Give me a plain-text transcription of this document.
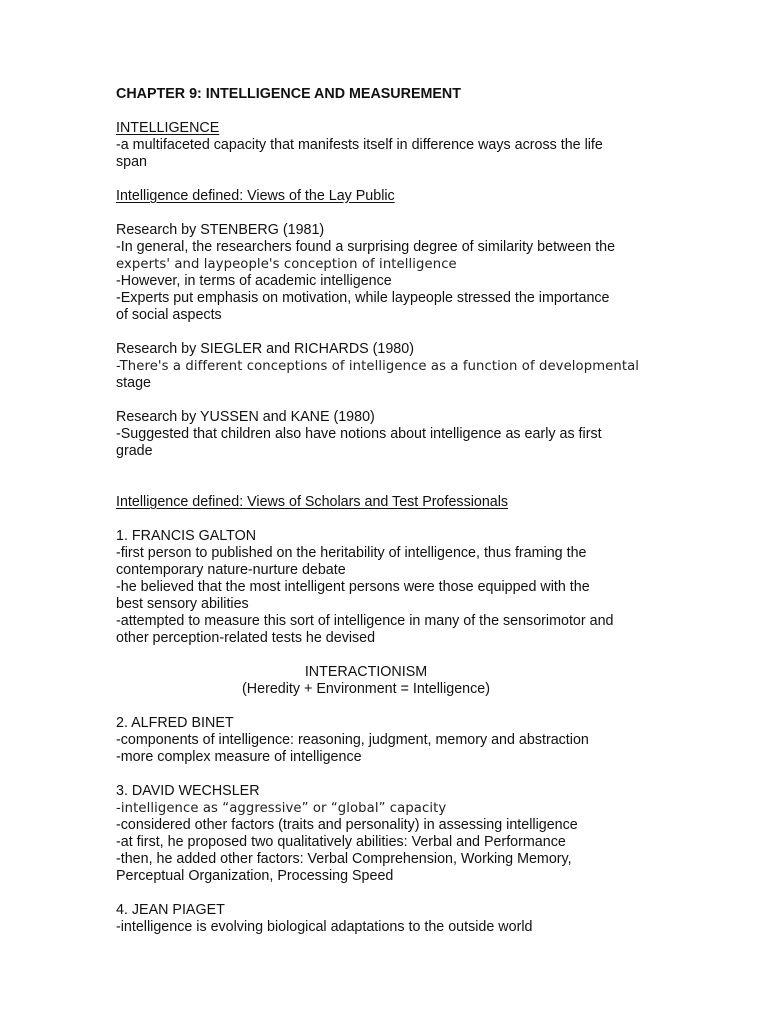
CHAPTER 9: INTELLIGENCE AND MEASUREMENT
INTELLIGENCE
-a multifaceted capacity that manifests itself in difference ways across the life
span
Intelligence defined: Views of the Lay Public
Research by STENBERG (1981)
-In general, the researchers found a surprising degree of similarity between the
experts' and laypeople's conception of intelligence
-However, in terms of academic intelligence
-Experts put emphasis on motivation, while laypeople stressed the importance
of social aspects
Research by SIEGLER and RICHARDS (1980)
-There's a different conceptions of intelligence as a function of developmental
stage
Research by YUSSEN and KANE (1980)
-Suggested that children also have notions about intelligence as early as first
grade
Intelligence defined: Views of Scholars and Test Professionals
1. FRANCIS GALTON
-first person to published on the heritability of intelligence, thus framing the
contemporary nature-nurture debate
-he believed that the most intelligent persons were those equipped with the
best sensory abilities
-attempted to measure this sort of intelligence in many of the sensorimotor and
other perception-related tests he devised
INTERACTIONISM
(Heredity + Environment = Intelligence)
2. ALFRED BINET
-components of intelligence: reasoning, judgment, memory and abstraction
-more complex measure of intelligence
3. DAVID WECHSLER
-intelligence as “aggressive” or “global” capacity
-considered other factors (traits and personality) in assessing intelligence
-at first, he proposed two qualitatively abilities: Verbal and Performance
-then, he added other factors: Verbal Comprehension, Working Memory,
Perceptual Organization, Processing Speed
4. JEAN PIAGET
-intelligence is evolving biological adaptations to the outside world
